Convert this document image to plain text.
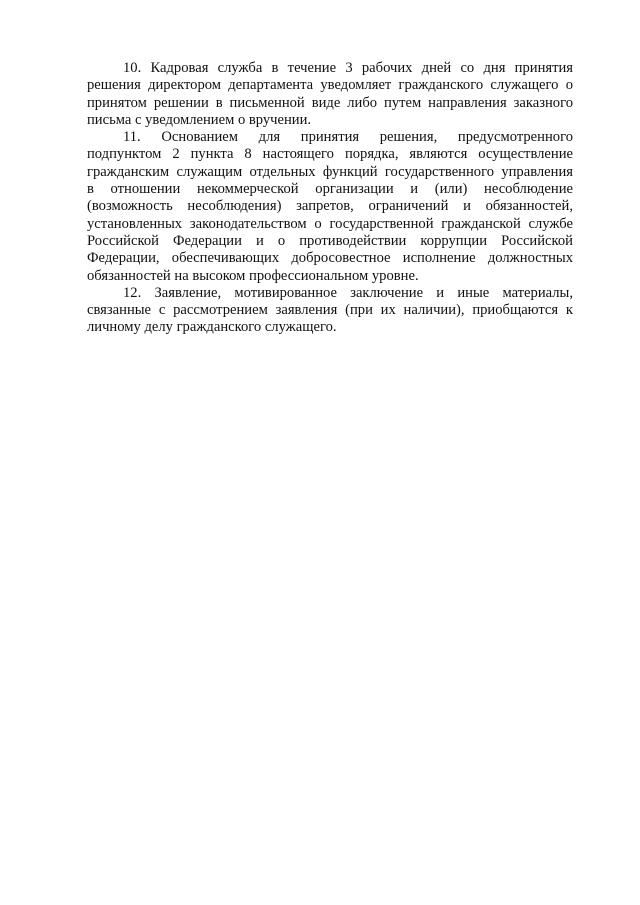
10. Кадровая служба в течение 3 рабочих дней со дня принятия
решения директором департамента уведомляет гражданского служащего о
принятом решении в письменной виде либо путем направления заказного
письма с уведомлением о вручении.
11. Основанием для принятия решения, предусмотренного
подпунктом 2 пункта 8 настоящего порядка, являются осуществление
гражданским служащим отдельных функций государственного управления
в отношении некоммерческой организации и (или) несоблюдение
(возможность несоблюдения) запретов, ограничений и обязанностей,
установленных законодательством о государственной гражданской службе
Российской Федерации и о противодействии коррупции Российской
Федерации, обеспечивающих добросовестное исполнение должностных
обязанностей на высоком профессиональном уровне.
12. Заявление, мотивированное заключение и иные материалы,
связанные с рассмотрением заявления (при их наличии), приобщаются к
личному делу гражданского служащего.
